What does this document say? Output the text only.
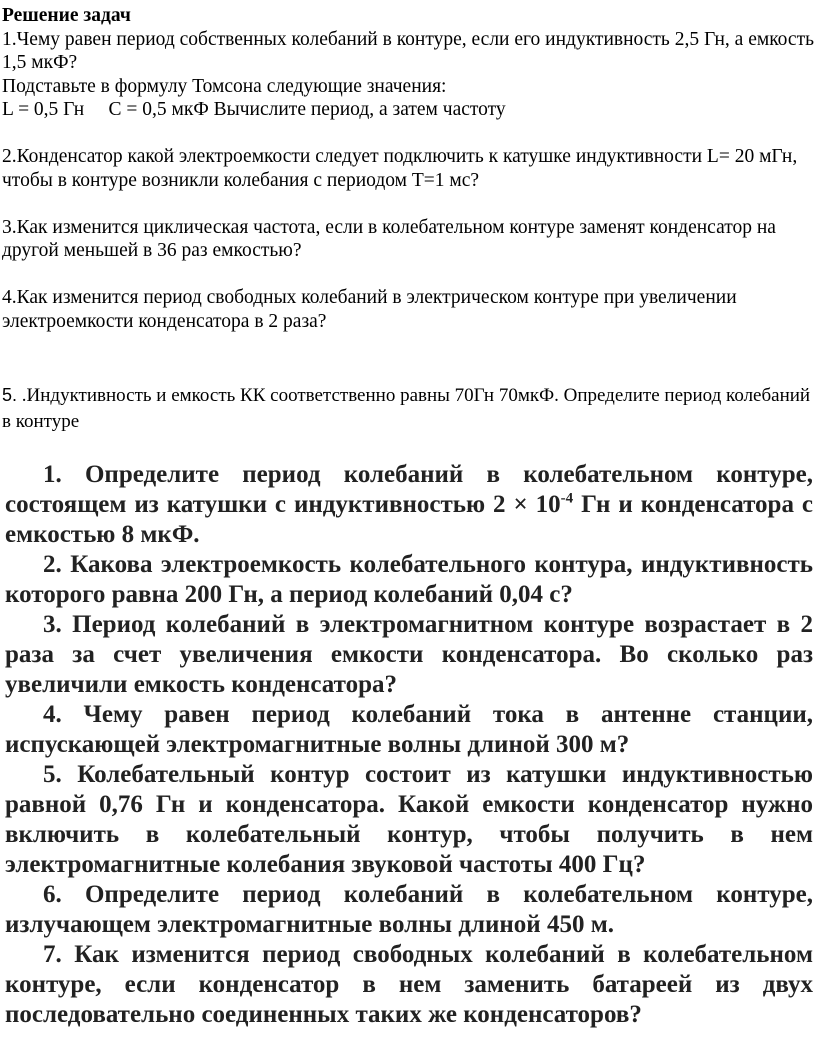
Решение задач

1.Чему равен период собственных колебаний в контуре, если его индуктивность 2,5 Гн, а емкость 1,5 мкФ?

Подставьте в формулу Томсона следующие значения:

L = 0,5 Гн     С = 0,5 мкФ Вычислите период, а затем частоту

2.Конденсатор какой электроемкости следует подключить к катушке индуктивности L= 20 мГн, чтобы в контуре возникли колебания с периодом Т=1 мс?

3.Как изменится циклическая частота, если в колебательном контуре заменят конденсатор на другой меньшей в 36 раз емкостью?

4.Как изменится период свободных колебаний в электрическом контуре при увеличении электроемкости конденсатора в 2 раза?

5. .Индуктивность и емкость КК соответственно равны 70Гн 70мкФ. Определите период колебаний в контуре

1. Определите период колебаний в колебательном контуре, состоящем из катушки с индуктивностью $2 \times 10^{-4}$ Гн и конденсатора с емкостью 8 мкФ.

2. Какова электроемкость колебательного контура, индуктивность которого равна 200 Гн, а период колебаний 0,04 с?

3. Период колебаний в электромагнитном контуре возрастает в 2 раза за счет увеличения емкости конденсатора. Во сколько раз увеличили емкость конденсатора?

4. Чему равен период колебаний тока в антенне станции, испускающей электромагнитные волны длиной 300 м?

5. Колебательный контур состоит из катушки индуктивностью равной 0,76 Гн и конденсатора. Какой емкости конденсатор нужно включить в колебательный контур, чтобы получить в нем электромагнитные колебания звуковой частоты 400 Гц?

6. Определите период колебаний в колебательном контуре, излучающем электромагнитные волны длиной 450 м.

7. Как изменится период свободных колебаний в колебательном контуре, если конденсатор в нем заменить батареей из двух последовательно соединенных таких же конденсаторов?
